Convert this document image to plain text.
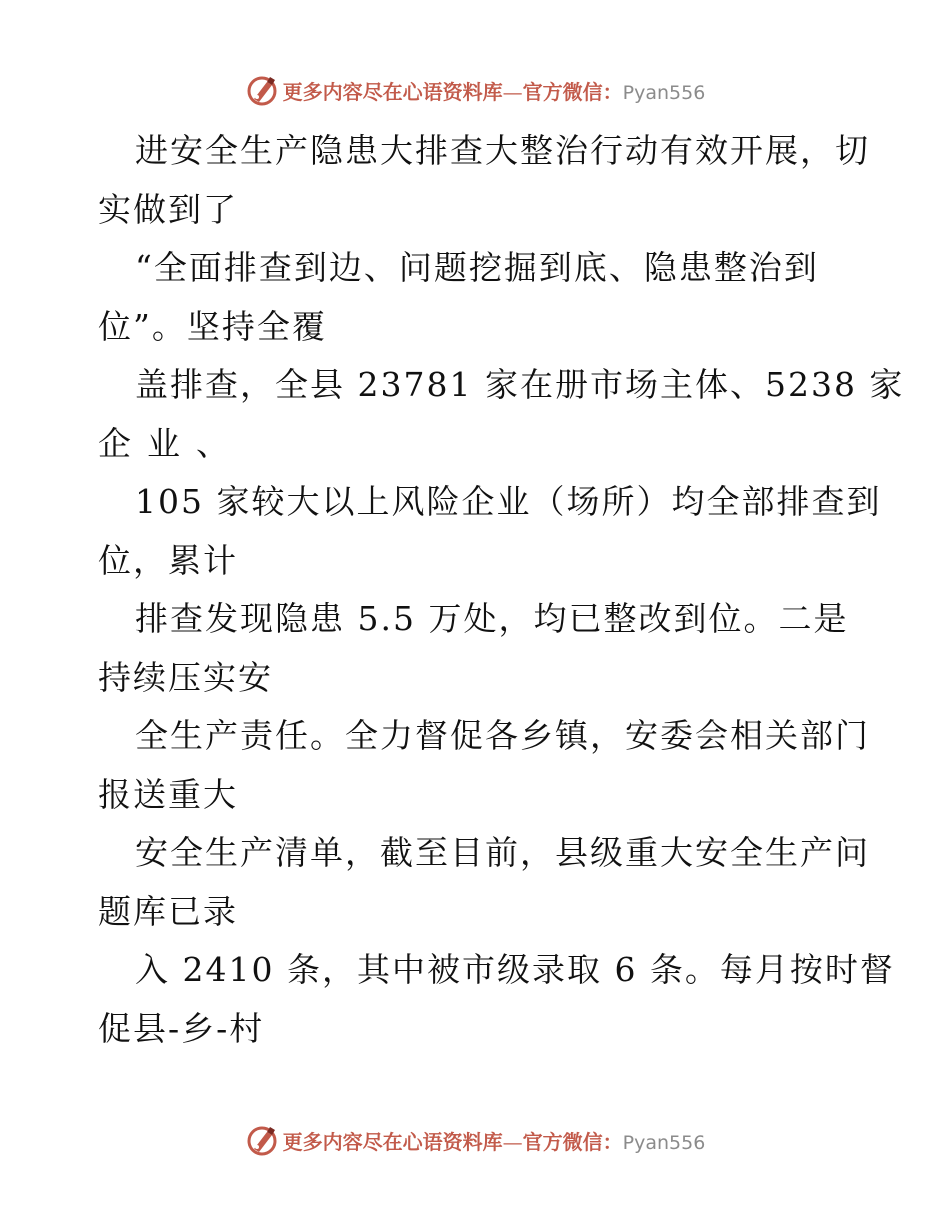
更多内容尽在心语资料库—官方微信：Pyan556
进安全生产隐患大排查大整治行动有效开展，切
实做到了
“全面排查到边、问题挖掘到底、隐患整治到
位”。坚持全覆
盖排查，全县 23781 家在册市场主体、5238 家
企业、
105 家较大以上风险企业（场所）均全部排查到
位，累计
排查发现隐患 5.5 万处，均已整改到位。二是
持续压实安
全生产责任。全力督促各乡镇，安委会相关部门
报送重大
安全生产清单，截至目前，县级重大安全生产问
题库已录
入 2410 条，其中被市级录取 6 条。每月按时督
促县-乡-村
更多内容尽在心语资料库—官方微信：Pyan556
